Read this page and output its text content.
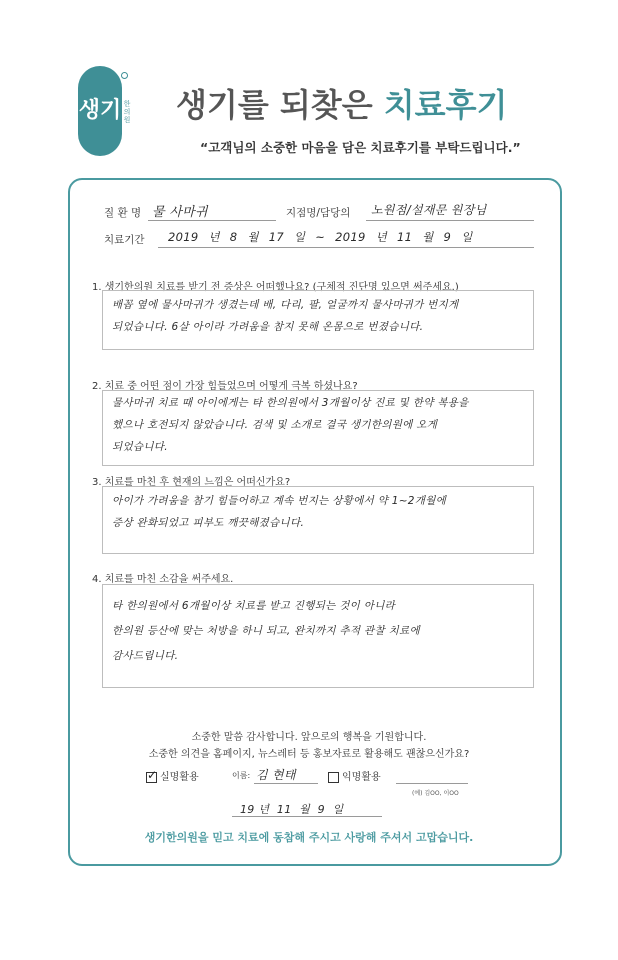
생기 한의원 생기를 되찾은 치료후기
“고객님의 소중한 마음을 담은 치료후기를 부탁드립니다.”
질 환 명 물 사마귀	지점명/담당의 노원점/설재문 원장님
치료기간 2019 년 8 월 17 일 ~ 2019 년 11 월 9 일
1. 생기한의원 치료를 받기 전 증상은 어떠했나요? (구체적 진단명 있으면 써주세요.)
배꼽 옆에 물사마귀가 생겼는데 배, 다리, 팔, 얼굴까지 물사마귀가 번지게
되었습니다. 6살 아이라 가려움을 참지 못해 온몸으로 번졌습니다.
2. 치료 중 어떤 점이 가장 힘들었으며 어떻게 극복 하셨나요?
물사마귀 치료 때 아이에게는 타 한의원에서 3개월이상 진료 및 한약 복용을
했으나 호전되지 않았습니다. 검색 및 소개로 결국 생기한의원에 오게
되었습니다.
3. 치료를 마친 후 현재의 느낌은 어떠신가요?
아이가 가려움을 참기 힘들어하고 계속 번지는 상황에서 약 1~2개월에
증상 완화되었고 피부도 깨끗해졌습니다.
4. 치료를 마친 소감을 써주세요.
타 한의원에서 6개월이상 치료를 받고 진행되는 것이 아니라
한의원 등산에 맞는 처방을 하니 되고, 완치까지 추적 관찰 치료에
감사드립니다.
소중한 말씀 감사합니다. 앞으로의 행복을 기원합니다.
소중한 의견을 홈페이지, 뉴스레터 등 홍보자료로 활용해도 괜찮으신가요?
✓실명활용	이름: 김 현태	익명활용
(예) 김OO, 이OO
19 년  11  월  9  일
생기한의원을 믿고 치료에 동참해 주시고 사랑해 주셔서 고맙습니다.
